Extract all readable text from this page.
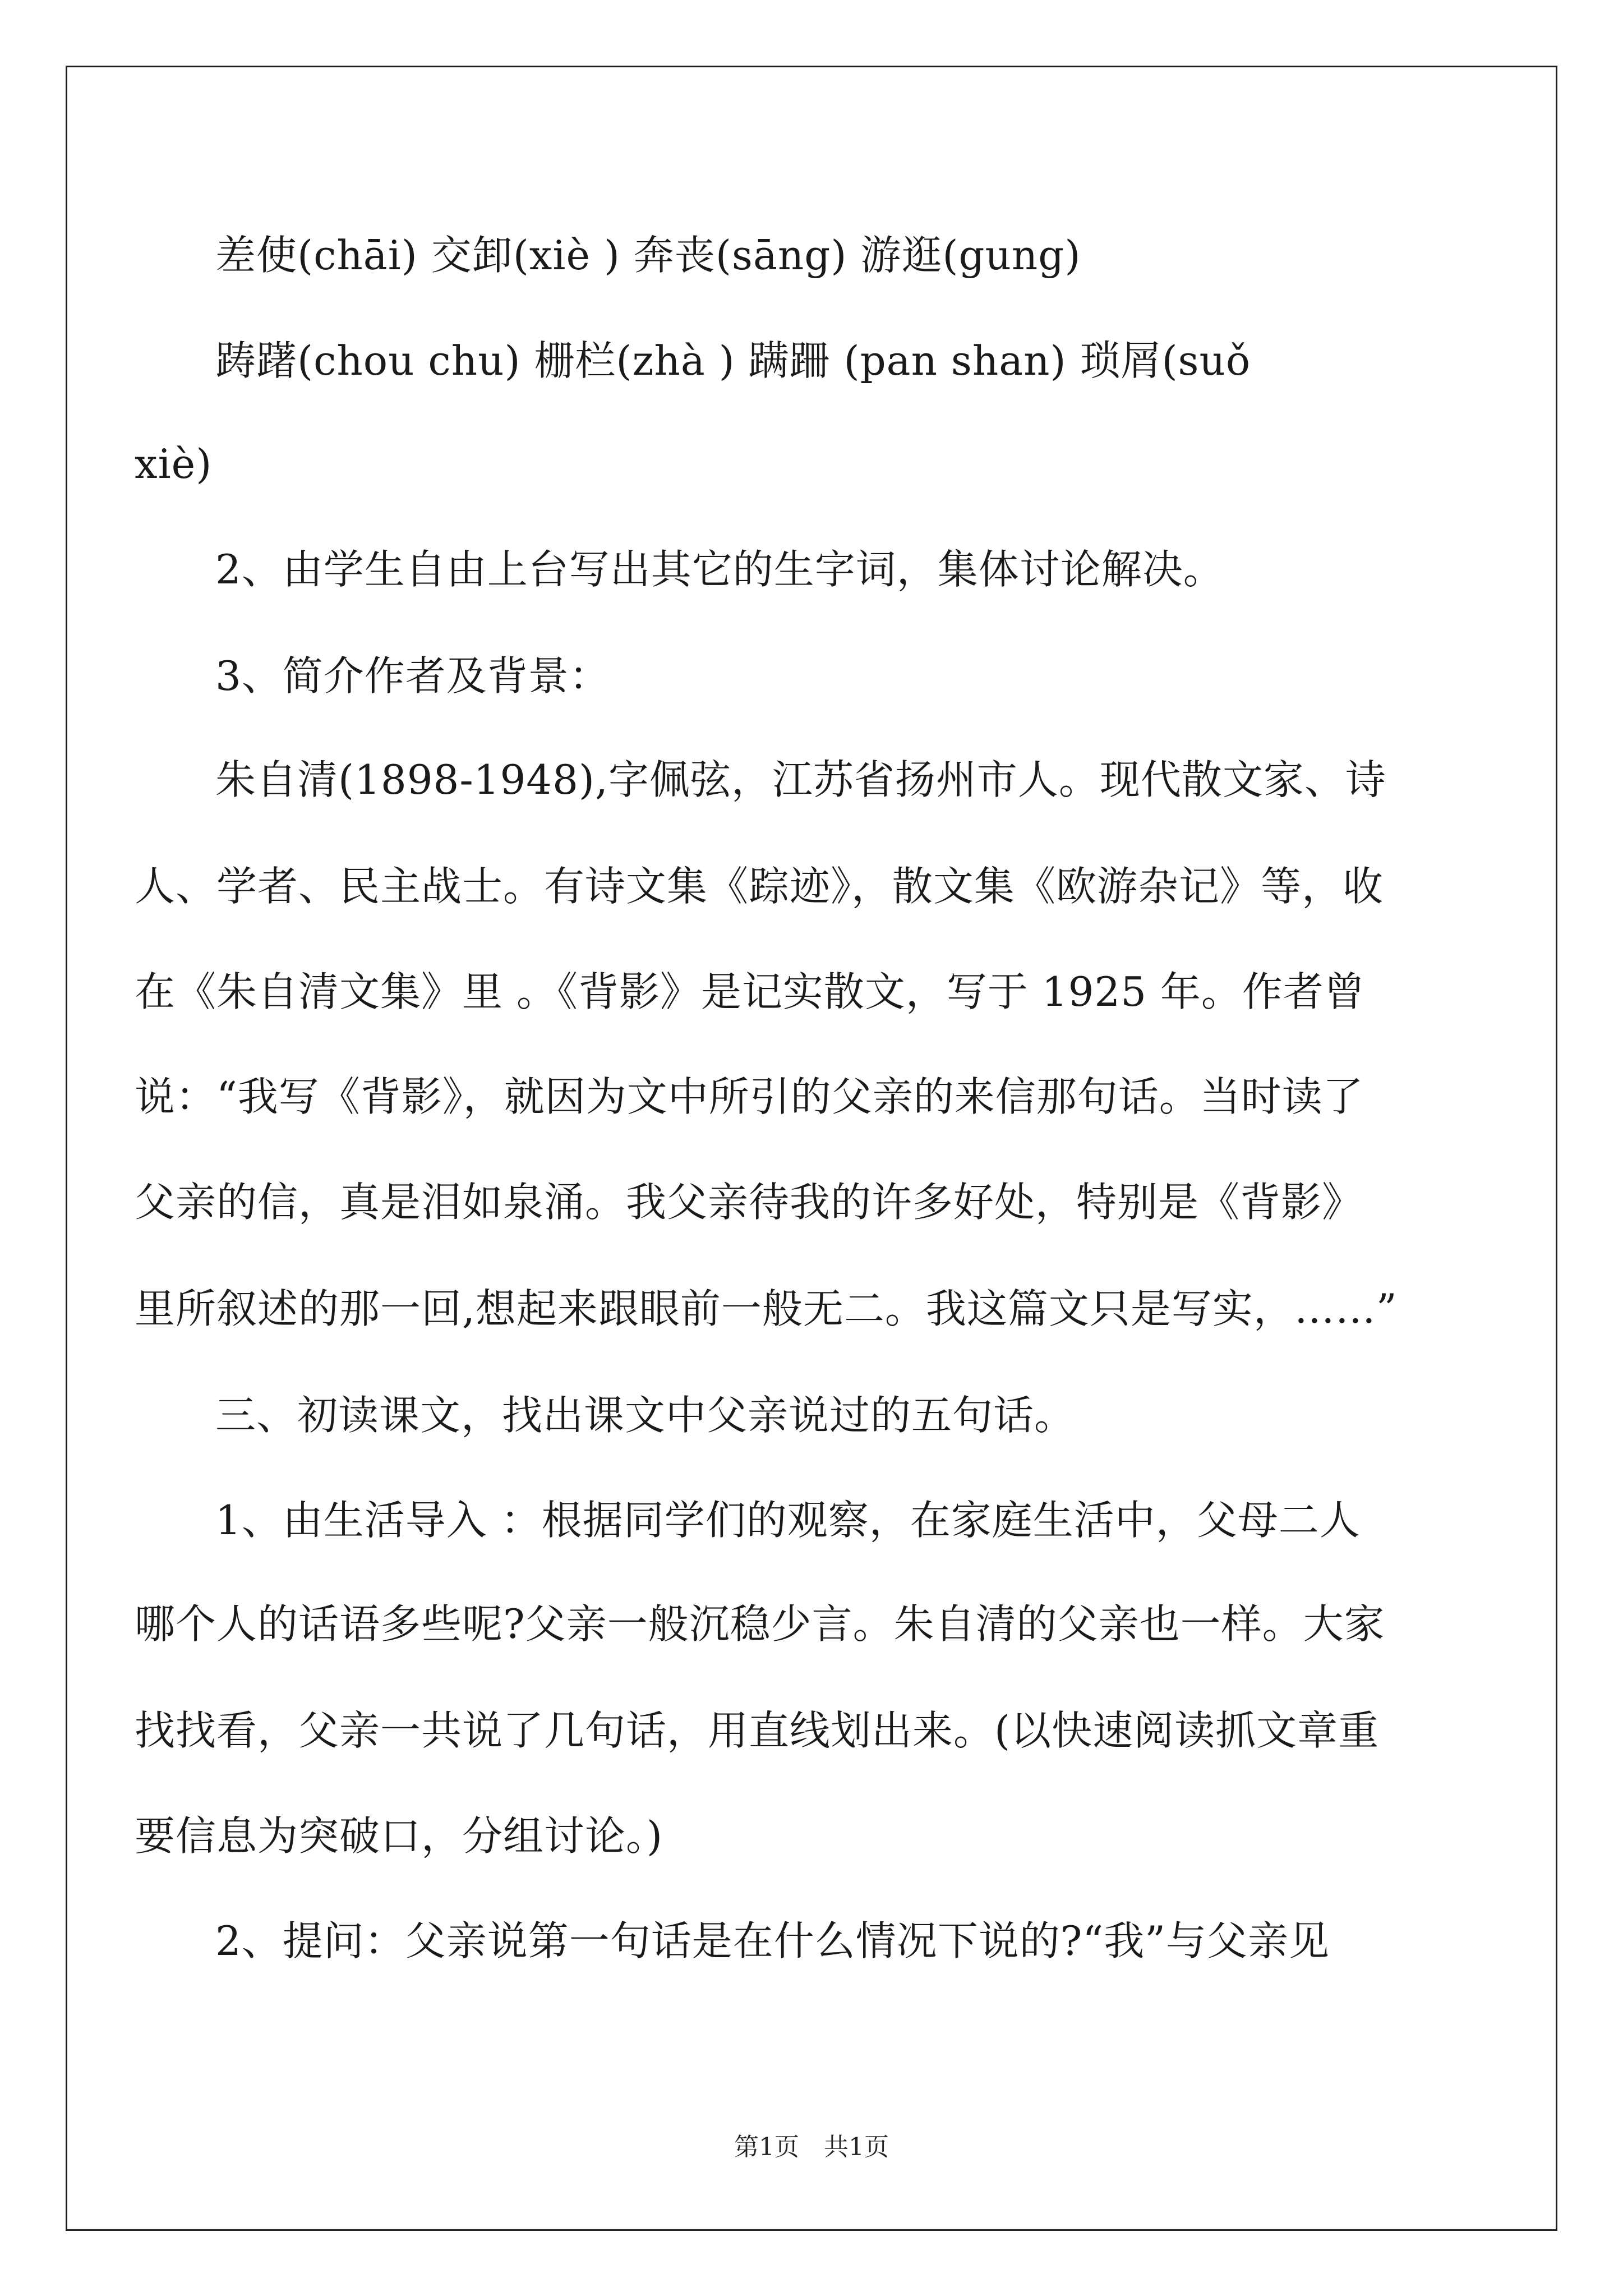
差使(chāi) 交卸(xiè ) 奔丧(sāng) 游逛(gung)
踌躇(chou chu) 栅栏(zhà ) 蹒跚 (pan shan) 琐屑(suǒ
xiè)
2、由学生自由上台写出其它的生字词，集体讨论解决。
3、简介作者及背景：
朱自清(1898-1948),字佩弦，江苏省扬州市人。现代散文家、诗
人、学者、民主战士。有诗文集《踪迹》，散文集《欧游杂记》等，收
在《朱自清文集》里 。《背影》是记实散文，写于 1925 年。作者曾
说：“我写《背影》，就因为文中所引的父亲的来信那句话。当时读了
父亲的信，真是泪如泉涌。我父亲待我的许多好处，特别是《背影》
里所叙述的那一回,想起来跟眼前一般无二。我这篇文只是写实，……”
三、初读课文，找出课文中父亲说过的五句话。
1、由生活导入 ：根据同学们的观察，在家庭生活中，父母二人
哪个人的话语多些呢?父亲一般沉稳少言。朱自清的父亲也一样。大家
找找看，父亲一共说了几句话，用直线划出来。(以快速阅读抓文章重
要信息为突破口，分组讨论。)
2、提问：父亲说第一句话是在什么情况下说的?“我”与父亲见
第1页　共1页
